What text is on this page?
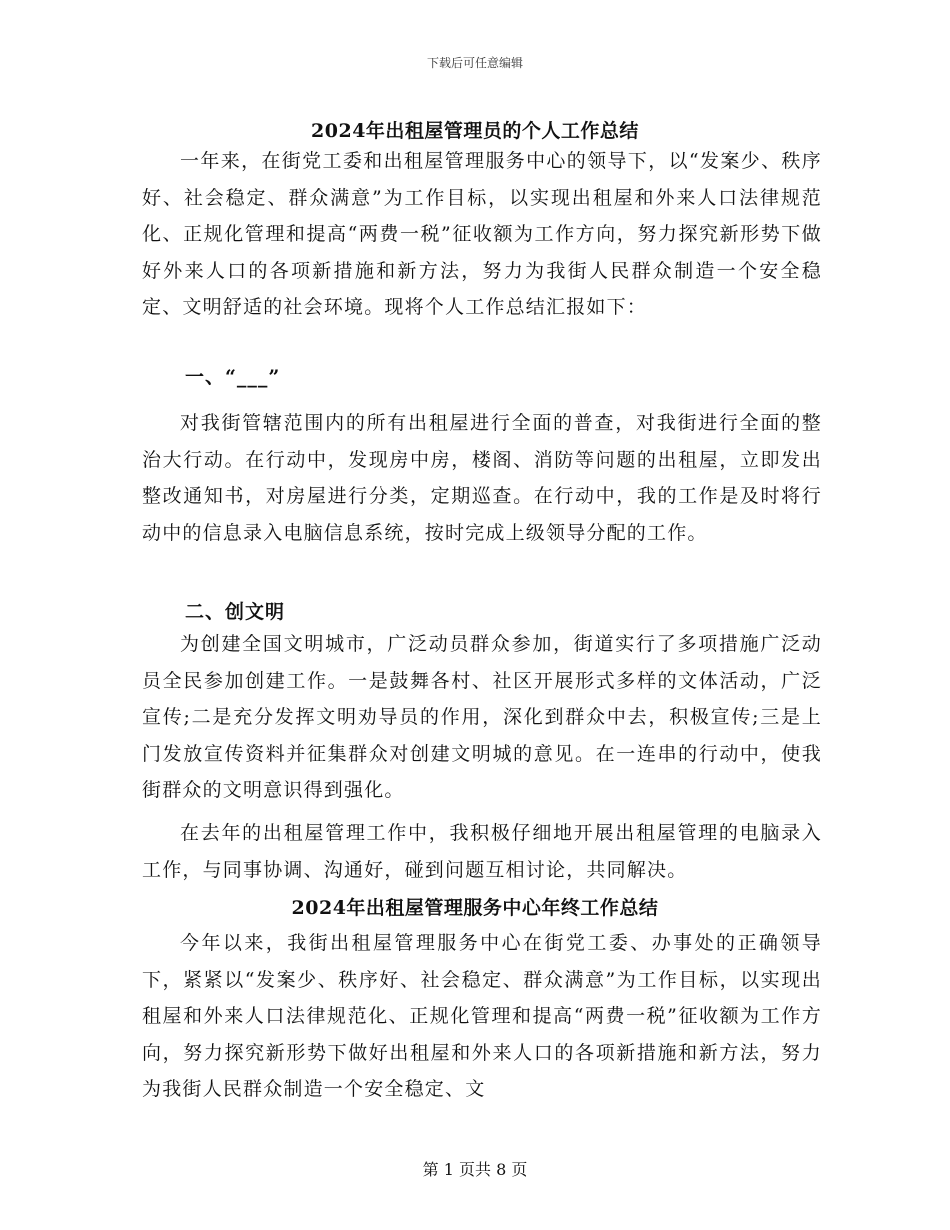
下载后可任意编辑
2024年出租屋管理员的个人工作总结

一年来，在街党工委和出租屋管理服务中心的领导下，以“发案少、秩序好、社会稳定、群众满意”为工作目标，以实现出租屋和外来人口法律规范化、正规化管理和提高“两费一税”征收额为工作方向，努力探究新形势下做好外来人口的各项新措施和新方法，努力为我街人民群众制造一个安全稳定、文明舒适的社会环境。现将个人工作总结汇报如下：

一、“___”

对我街管辖范围内的所有出租屋进行全面的普查，对我街进行全面的整治大行动。在行动中，发现房中房，楼阁、消防等问题的出租屋，立即发出整改通知书，对房屋进行分类，定期巡查。在行动中，我的工作是及时将行动中的信息录入电脑信息系统，按时完成上级领导分配的工作。

二、创文明

为创建全国文明城市，广泛动员群众参加，街道实行了多项措施广泛动员全民参加创建工作。一是鼓舞各村、社区开展形式多样的文体活动，广泛宣传;二是充分发挥文明劝导员的作用，深化到群众中去，积极宣传;三是上门发放宣传资料并征集群众对创建文明城的意见。在一连串的行动中，使我街群众的文明意识得到强化。

在去年的出租屋管理工作中，我积极仔细地开展出租屋管理的电脑录入工作，与同事协调、沟通好，碰到问题互相讨论，共同解决。

2024年出租屋管理服务中心年终工作总结

今年以来，我街出租屋管理服务中心在街党工委、办事处的正确领导下，紧紧以“发案少、秩序好、社会稳定、群众满意”为工作目标，以实现出租屋和外来人口法律规范化、正规化管理和提高“两费一税”征收额为工作方向，努力探究新形势下做好出租屋和外来人口的各项新措施和新方法，努力为我街人民群众制造一个安全稳定、文

第 1 页共 8 页
